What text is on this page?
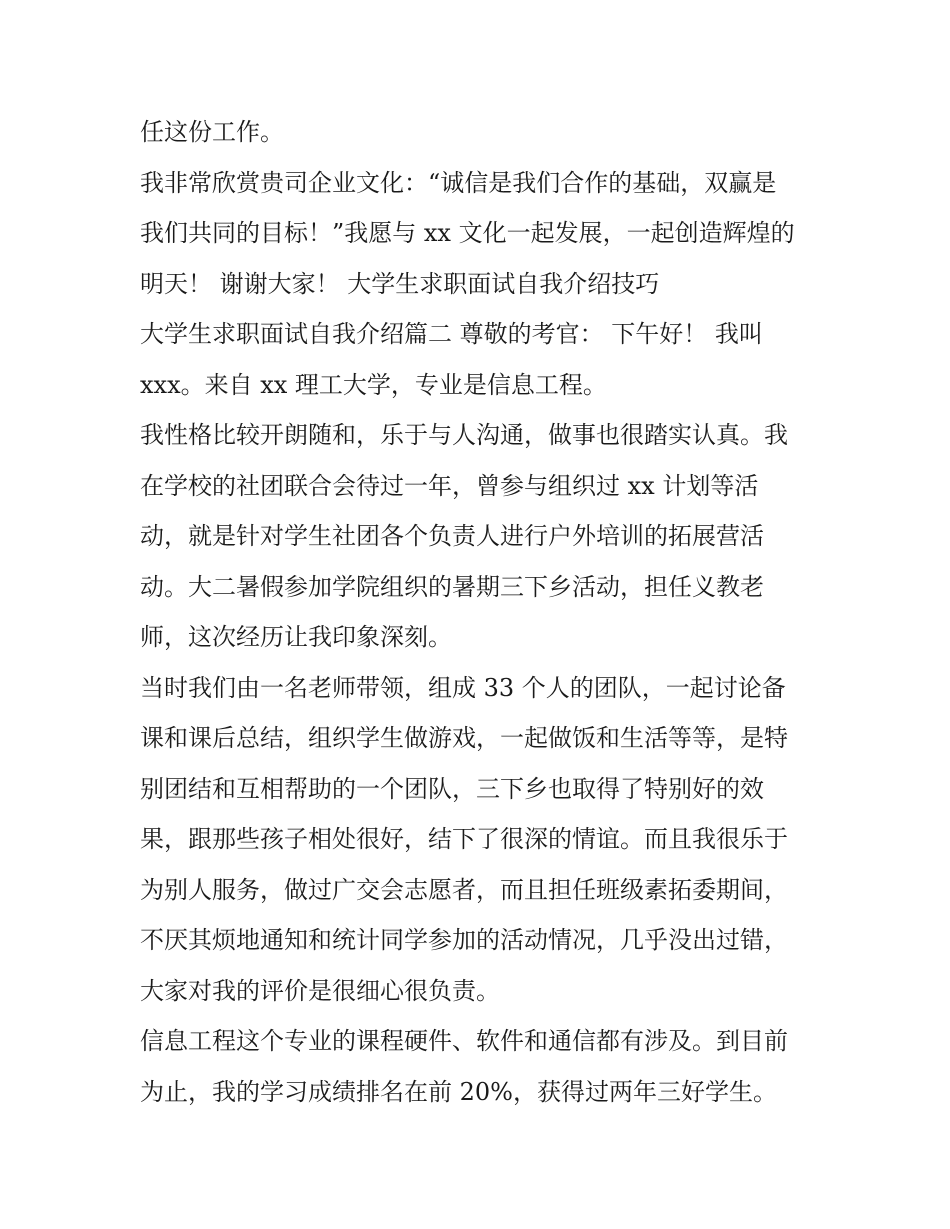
任这份工作。
我非常欣赏贵司企业文化：“诚信是我们合作的基础，双赢是
我们共同的目标！”我愿与 xx 文化一起发展，一起创造辉煌的
明天！ 谢谢大家！ 大学生求职面试自我介绍技巧
大学生求职面试自我介绍篇二 尊敬的考官： 下午好！ 我叫
xxx。来自 xx 理工大学，专业是信息工程。
我性格比较开朗随和，乐于与人沟通，做事也很踏实认真。我
在学校的社团联合会待过一年，曾参与组织过 xx 计划等活
动，就是针对学生社团各个负责人进行户外培训的拓展营活
动。大二暑假参加学院组织的暑期三下乡活动，担任义教老
师，这次经历让我印象深刻。
当时我们由一名老师带领，组成 33 个人的团队，一起讨论备
课和课后总结，组织学生做游戏，一起做饭和生活等等，是特
别团结和互相帮助的一个团队，三下乡也取得了特别好的效
果，跟那些孩子相处很好，结下了很深的情谊。而且我很乐于
为别人服务，做过广交会志愿者，而且担任班级素拓委期间，
不厌其烦地通知和统计同学参加的活动情况，几乎没出过错，
大家对我的评价是很细心很负责。
信息工程这个专业的课程硬件、软件和通信都有涉及。到目前
为止，我的学习成绩排名在前 20%，获得过两年三好学生。
